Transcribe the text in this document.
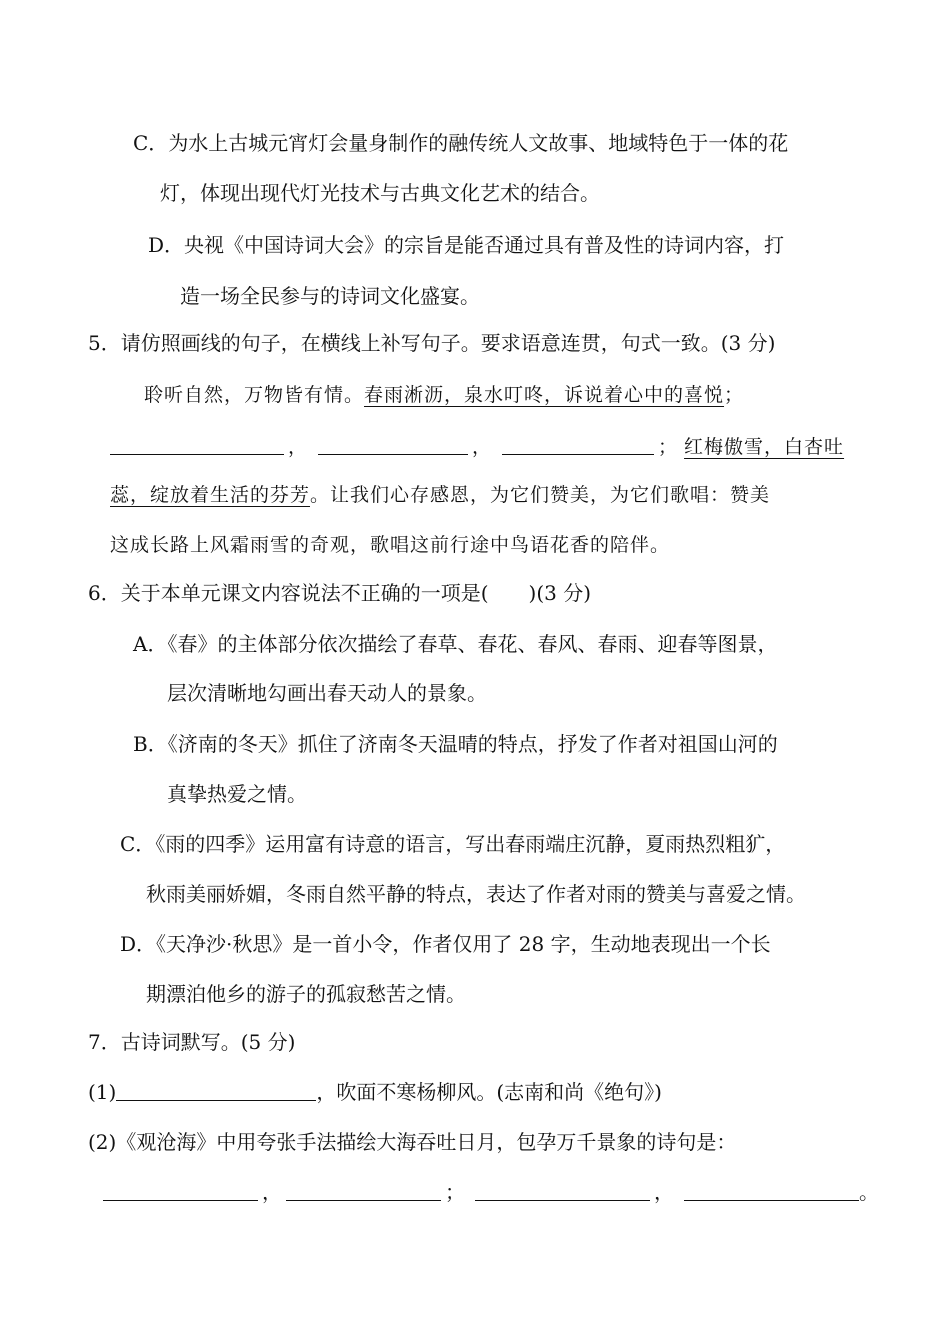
C．为水上古城元宵灯会量身制作的融传统人文故事、地域特色于一体的花
灯，体现出现代灯光技术与古典文化艺术的结合。
D．央视《中国诗词大会》的宗旨是能否通过具有普及性的诗词内容，打
造一场全民参与的诗词文化盛宴。
5．请仿照画线的句子，在横线上补写句子。要求语意连贯，句式一致。(3 分)
聆听自然，万物皆有情。春雨淅沥，泉水叮咚，诉说着心中的喜悦；
，	，	； 红梅傲雪，白杏吐
蕊，绽放着生活的芬芳。让我们心存感恩，为它们赞美，为它们歌唱：赞美
这成长路上风霜雨雪的奇观，歌唱这前行途中鸟语花香的陪伴。
6．关于本单元课文内容说法不正确的一项是(　　)(3 分)
A．《春》的主体部分依次描绘了春草、春花、春风、春雨、迎春等图景，
层次清晰地勾画出春天动人的景象。
B．《济南的冬天》抓住了济南冬天温晴的特点，抒发了作者对祖国山河的
真挚热爱之情。
C．《雨的四季》运用富有诗意的语言，写出春雨端庄沉静，夏雨热烈粗犷，
秋雨美丽娇媚，冬雨自然平静的特点，表达了作者对雨的赞美与喜爱之情。
D．《天净沙·秋思》是一首小令，作者仅用了 28 字，生动地表现出一个长
期漂泊他乡的游子的孤寂愁苦之情。
7．古诗词默写。(5 分)
(1)	，吹面不寒杨柳风。(志南和尚《绝句》)
(2)《观沧海》中用夸张手法描绘大海吞吐日月，包孕万千景象的诗句是：
，	；	，	。
